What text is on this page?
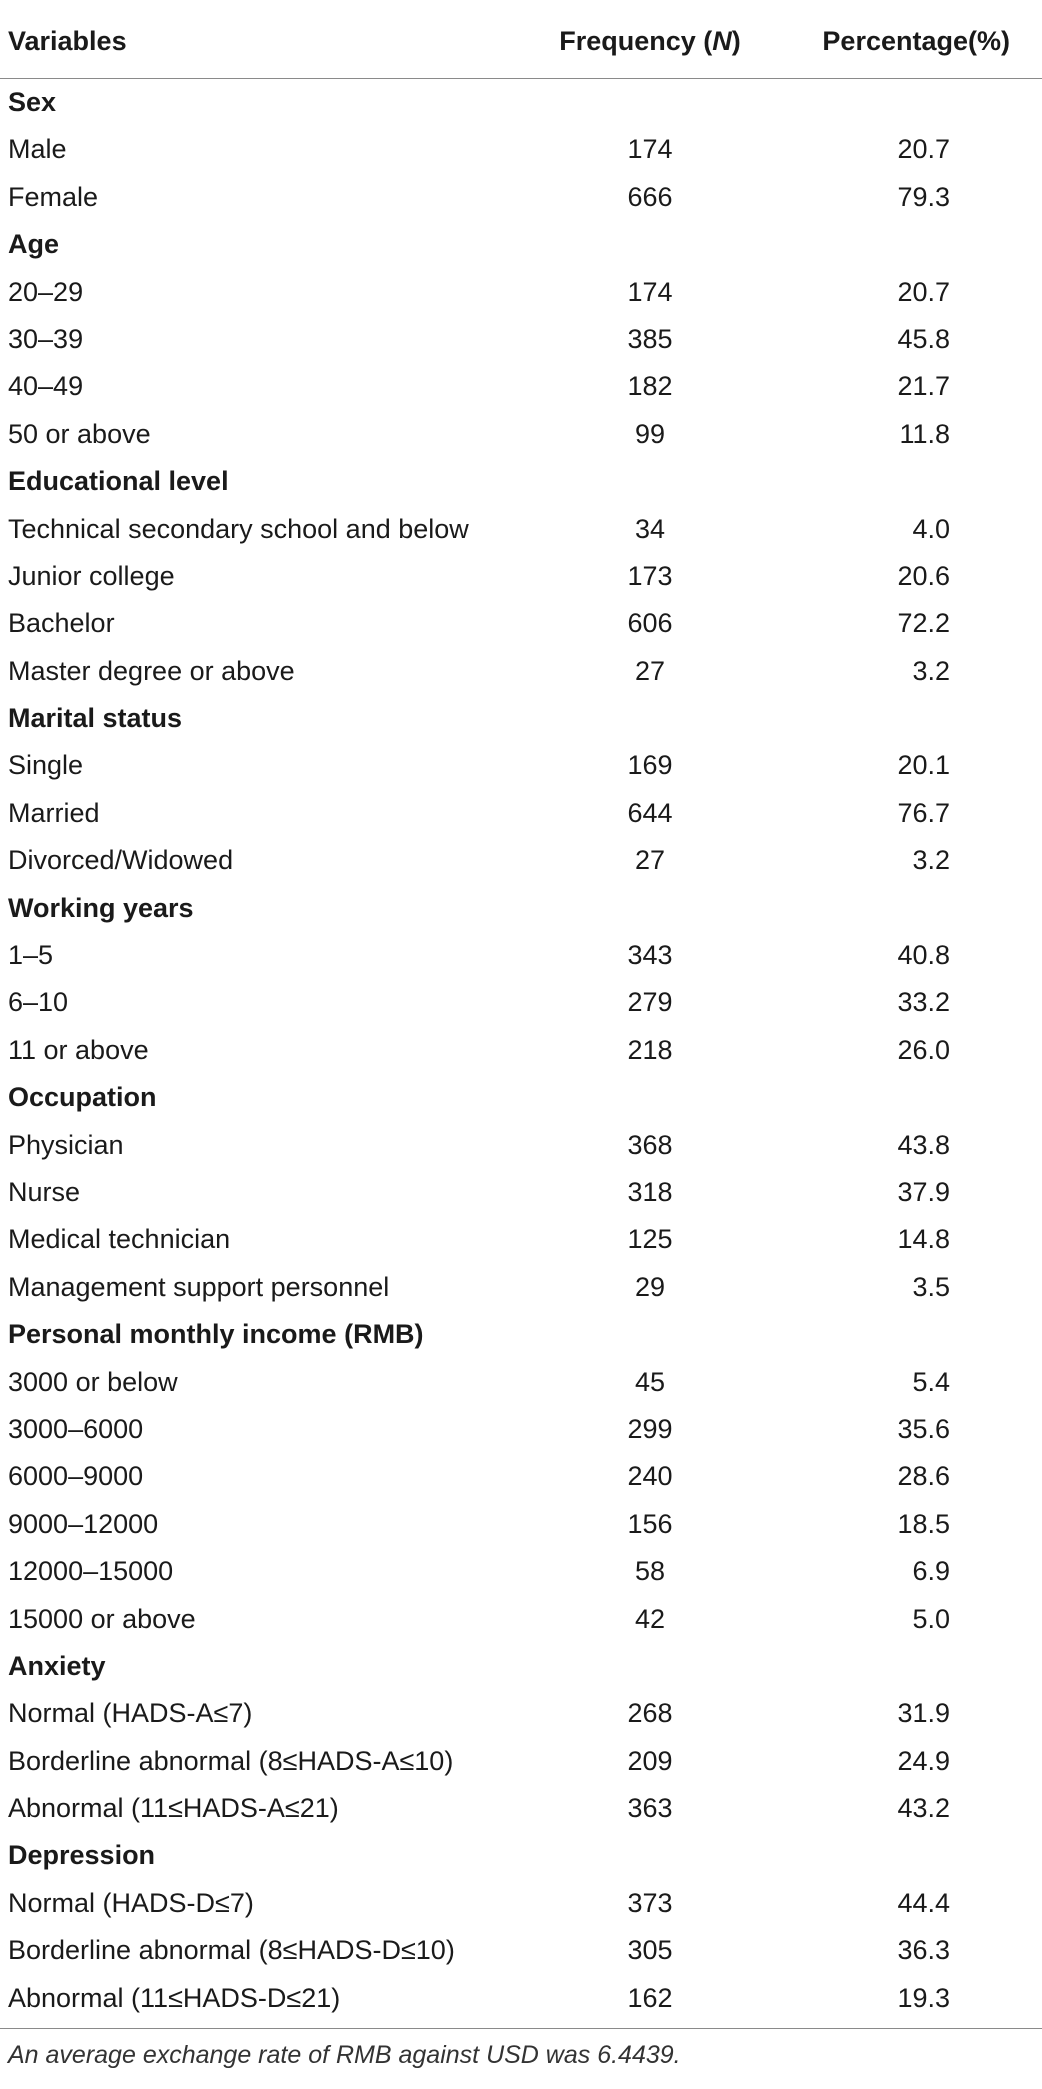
Variables	Frequency (N)	Percentage(%)
Sex
Male	174	20.7
Female	666	79.3
Age
20–29	174	20.7
30–39	385	45.8
40–49	182	21.7
50 or above	99	11.8
Educational level
Technical secondary school and below	34	4.0
Junior college	173	20.6
Bachelor	606	72.2
Master degree or above	27	3.2
Marital status
Single	169	20.1
Married	644	76.7
Divorced/Widowed	27	3.2
Working years
1–5	343	40.8
6–10	279	33.2
11 or above	218	26.0
Occupation
Physician	368	43.8
Nurse	318	37.9
Medical technician	125	14.8
Management support personnel	29	3.5
Personal monthly income (RMB)
3000 or below	45	5.4
3000–6000	299	35.6
6000–9000	240	28.6
9000–12000	156	18.5
12000–15000	58	6.9
15000 or above	42	5.0
Anxiety
Normal (HADS-A≤7)	268	31.9
Borderline abnormal (8≤HADS-A≤10)	209	24.9
Abnormal (11≤HADS-A≤21)	363	43.2
Depression
Normal (HADS-D≤7)	373	44.4
Borderline abnormal (8≤HADS-D≤10)	305	36.3
Abnormal (11≤HADS-D≤21)	162	19.3
An average exchange rate of RMB against USD was 6.4439.
